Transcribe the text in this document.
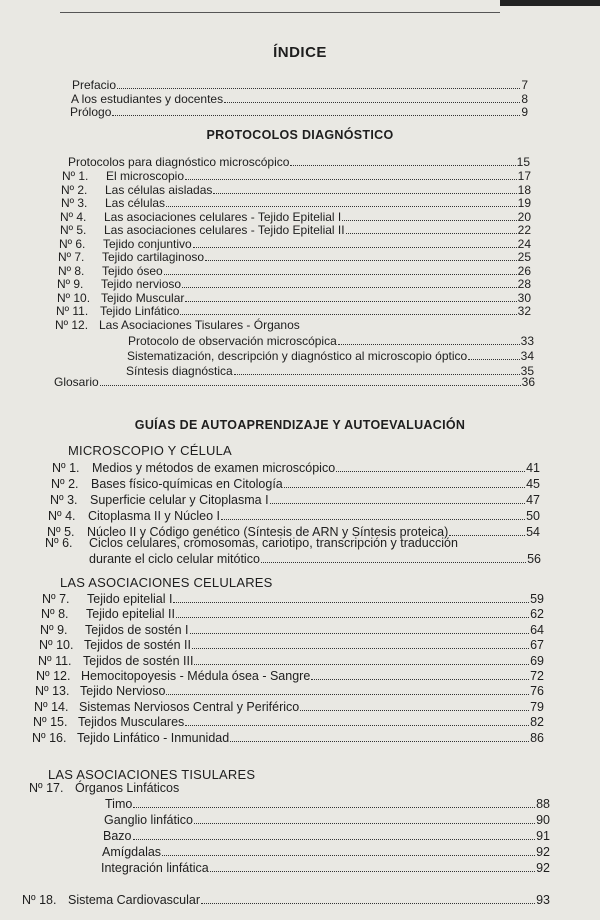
ÍNDICE
Prefacio	7
A los estudiantes y docentes	8
Prólogo	9
PROTOCOLOS DIAGNÓSTICO
Protocolos para diagnóstico microscópico	15
Nº 1.	El microscopio	17
Nº 2.	Las células aisladas	18
Nº 3.	Las células	19
Nº 4.	Las asociaciones celulares - Tejido Epitelial I	20
Nº 5.	Las asociaciones celulares - Tejido Epitelial II	22
Nº 6.	Tejido conjuntivo	24
Nº 7.	Tejido cartilaginoso	25
Nº 8.	Tejido óseo	26
Nº 9.	Tejido nervioso	28
Nº 10. Tejido Muscular	30
Nº 11. Tejido Linfático	32
Nº 12. Las Asociaciones Tisulares - Órganos
Protocolo de observación microscópica	33
Sistematización, descripción y diagnóstico al microscopio óptico	34
Síntesis diagnóstica	35
Glosario	36
GUÍAS DE AUTOAPRENDIZAJE Y AUTOEVALUACIÓN
MICROSCOPIO Y CÉLULA
Nº 1.	Medios y métodos de examen microscópico	41
Nº 2.	Bases físico-químicas en Citología	45
Nº 3.	Superficie celular y Citoplasma I	47
Nº 4.	Citoplasma II y Núcleo I	50
Nº 5.	Núcleo II y Código genético (Síntesis de ARN y Síntesis proteica)	54
Nº 6.	Ciclos celulares, cromosomas, cariotipo, transcripción y traducción
durante el ciclo celular mitótico	56
LAS ASOCIACIONES CELULARES
Nº 7.	Tejido epitelial I	59
Nº 8.	Tejido epitelial II	62
Nº 9.	Tejidos de sostén I	64
Nº 10. Tejidos de sostén II	67
Nº 11. Tejidos de sostén III	69
Nº 12. Hemocitopoyesis - Médula ósea - Sangre	72
Nº 13. Tejido Nervioso	76
Nº 14. Sistemas Nerviosos Central y Periférico	79
Nº 15. Tejidos Musculares	82
Nº 16. Tejido Linfático - Inmunidad	86
LAS ASOCIACIONES TISULARES
Nº 17. Órganos Linfáticos
Timo	88
Ganglio linfático	90
Bazo	91
Amígdalas	92
Integración linfática	92
Nº 18. Sistema Cardiovascular	93
